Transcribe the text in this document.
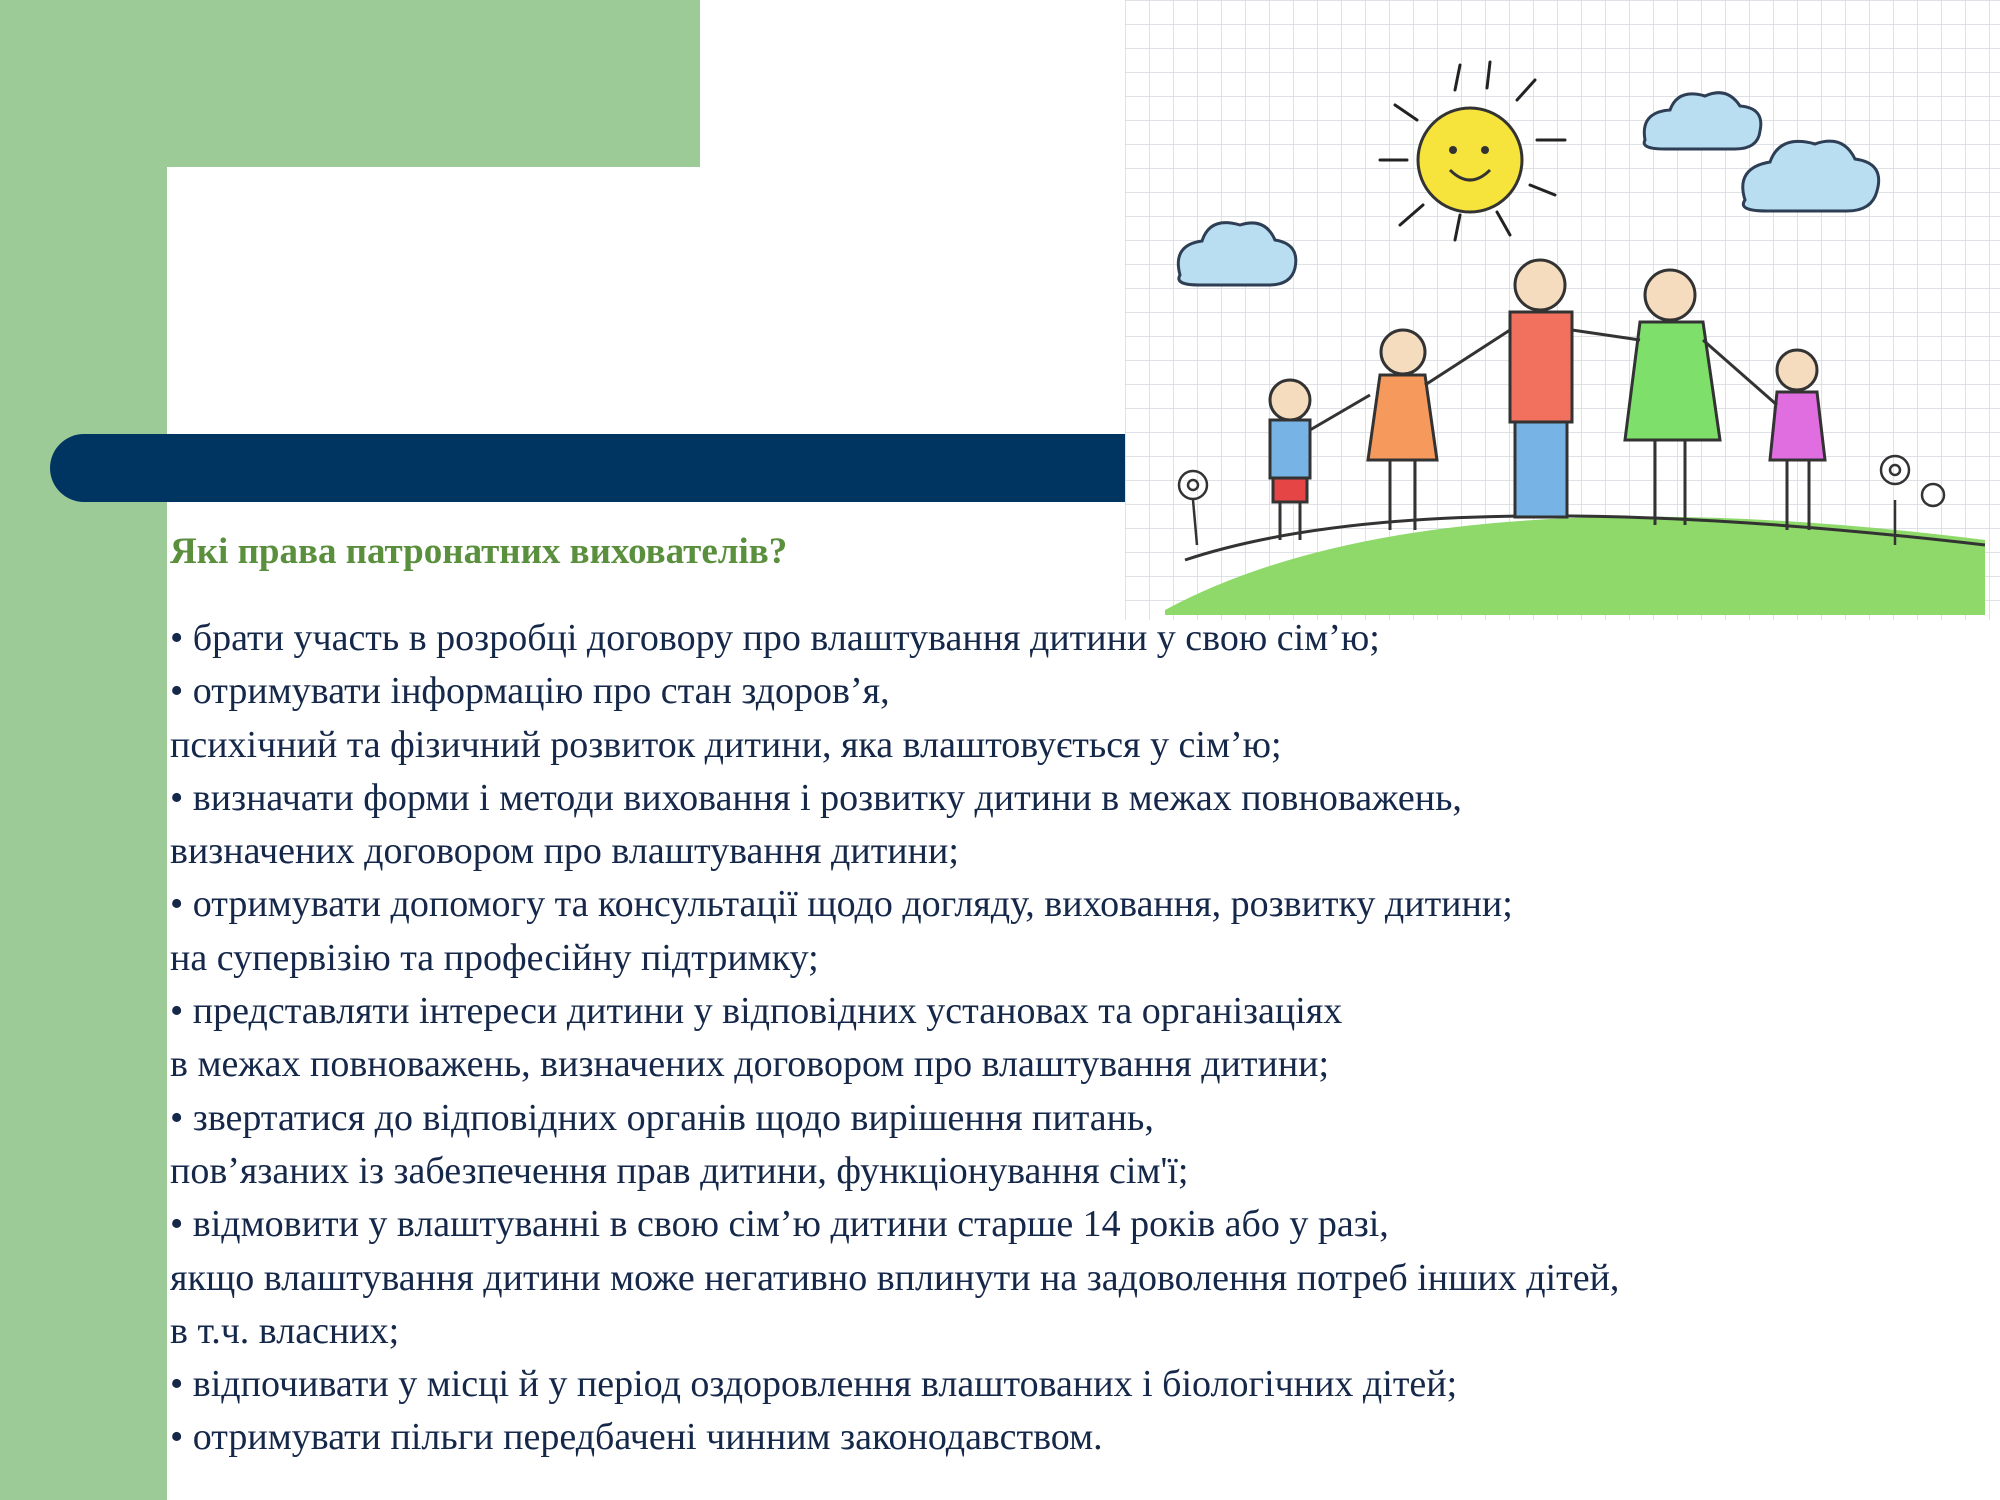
Які права патронатних вихователів?
• брати участь в розробці договору про влаштування дитини у свою сім’ю;
• отримувати інформацію про стан здоров’я,
психічний та фізичний розвиток дитини, яка влаштовується у сім’ю;
• визначати форми і методи виховання і розвитку дитини в межах повноважень,
визначених договором про влаштування дитини;
• отримувати допомогу та консультації щодо догляду, виховання, розвитку дитини;
на супервізію та професійну підтримку;
• представляти інтереси дитини у відповідних установах та організаціях
в межах повноважень, визначених договором про влаштування дитини;
• звертатися до відповідних органів щодо вирішення питань,
пов’язаних із забезпечення прав дитини, функціонування сім'ї;
• відмовити у влаштуванні в свою сім’ю дитини старше 14 років або у разі,
якщо влаштування дитини може негативно вплинути на задоволення потреб інших дітей,
в т.ч. власних;
• відпочивати у місці й у період оздоровлення влаштованих і біологічних дітей;
• отримувати пільги передбачені чинним законодавством.
